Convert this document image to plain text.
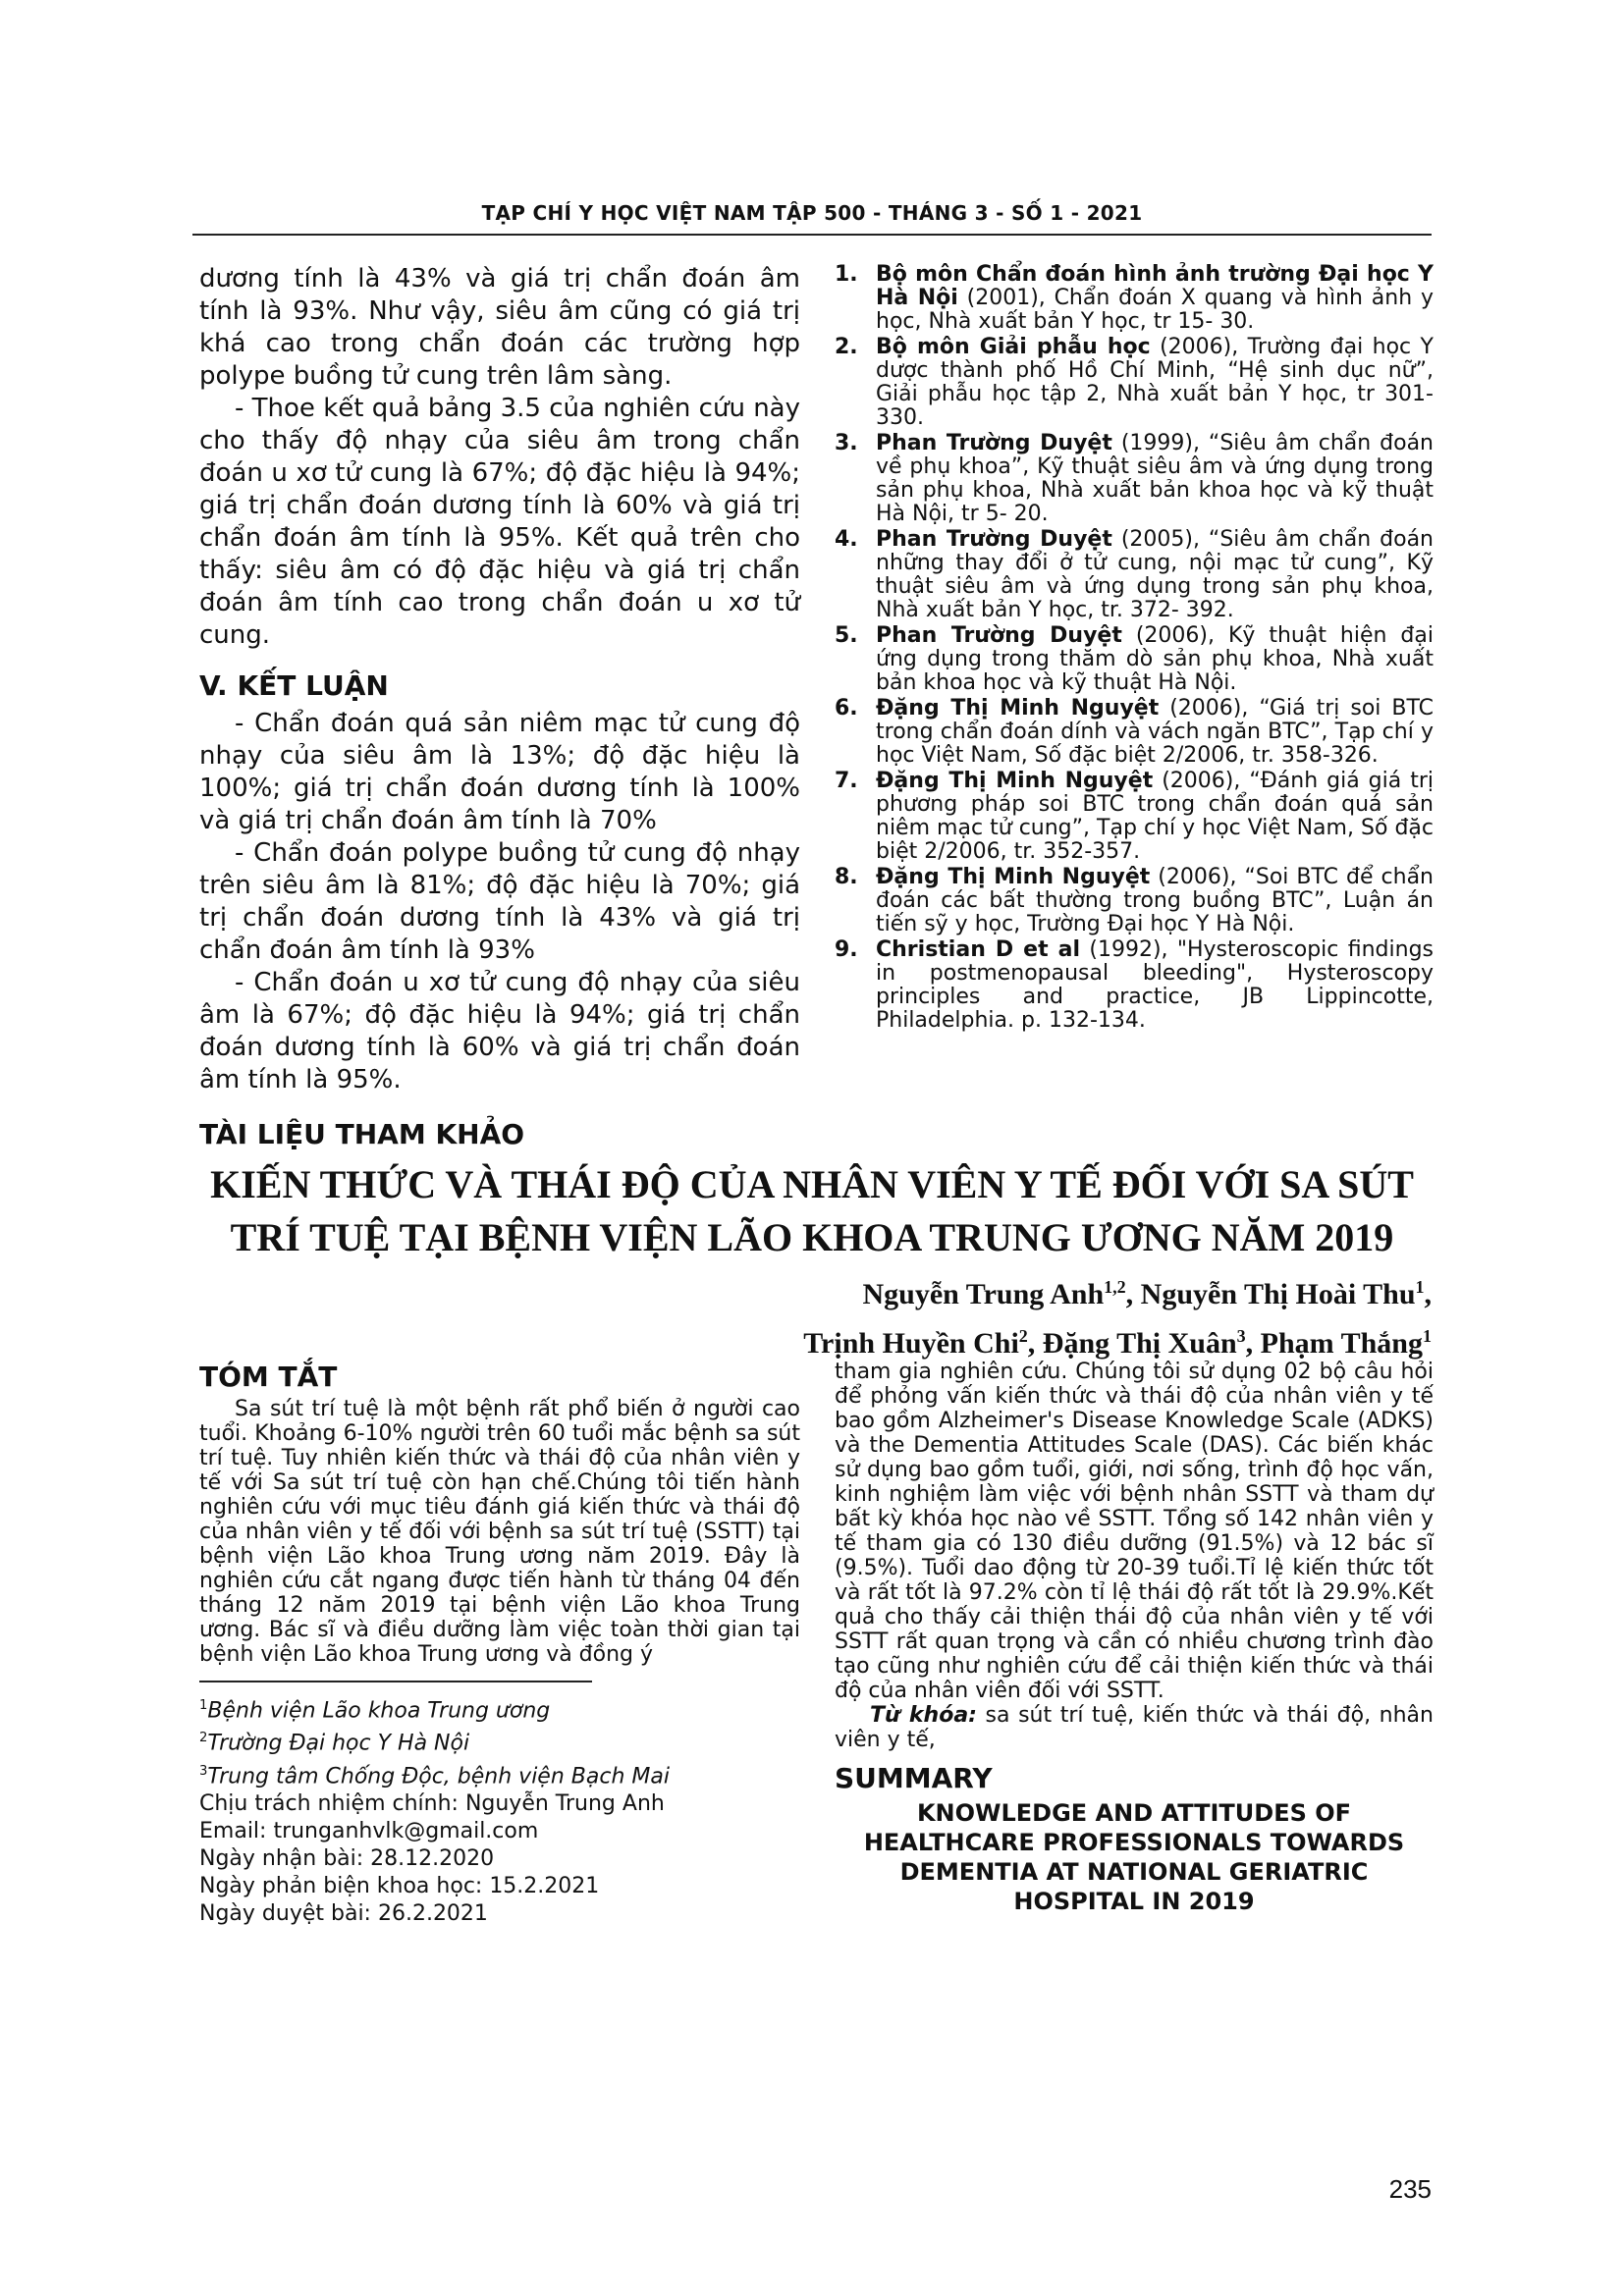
TẠP CHÍ Y HỌC VIỆT NAM TẬP 500 - THÁNG 3 - SỐ 1 - 2021

dương tính là 43% và giá trị chẩn đoán âm tính là 93%. Như vậy, siêu âm cũng có giá trị khá cao trong chẩn đoán các trường hợp polype buồng tử cung trên lâm sàng.

- Thoe kết quả bảng 3.5 của nghiên cứu này cho thấy độ nhạy của siêu âm trong chẩn đoán u xơ tử cung là 67%; độ đặc hiệu là 94%; giá trị chẩn đoán dương tính là 60% và giá trị chẩn đoán âm tính là 95%. Kết quả trên cho thấy: siêu âm có độ đặc hiệu và giá trị chẩn đoán âm tính cao trong chẩn đoán u xơ tử cung.

V. KẾT LUẬN

- Chẩn đoán quá sản niêm mạc tử cung độ nhạy của siêu âm là 13%; độ đặc hiệu là 100%; giá trị chẩn đoán dương tính là 100% và giá trị chẩn đoán âm tính là 70%

- Chẩn đoán polype buồng tử cung độ nhạy trên siêu âm là 81%; độ đặc hiệu là 70%; giá trị chẩn đoán dương tính là 43% và giá trị chẩn đoán âm tính là 93%

- Chẩn đoán u xơ tử cung độ nhạy của siêu âm là 67%; độ đặc hiệu là 94%; giá trị chẩn đoán dương tính là 60% và giá trị chẩn đoán âm tính là 95%.

TÀI LIỆU THAM KHẢO
1. Bộ môn Chẩn đoán hình ảnh trường Đại học Y Hà Nội (2001), Chẩn đoán X quang và hình ảnh y học, Nhà xuất bản Y học, tr 15- 30.
2. Bộ môn Giải phẫu học (2006), Trường đại học Y dược thành phố Hồ Chí Minh, “Hệ sinh dục nữ”, Giải phẫu học tập 2, Nhà xuất bản Y học, tr 301- 330.
3. Phan Trường Duyệt (1999), “Siêu âm chẩn đoán về phụ khoa”, Kỹ thuật siêu âm và ứng dụng trong sản phụ khoa, Nhà xuất bản khoa học và kỹ thuật Hà Nội, tr 5- 20.
4. Phan Trường Duyệt (2005), “Siêu âm chẩn đoán những thay đổi ở tử cung, nội mạc tử cung”, Kỹ thuật siêu âm và ứng dụng trong sản phụ khoa, Nhà xuất bản Y học, tr. 372- 392.
5. Phan Trường Duyệt (2006), Kỹ thuật hiện đại ứng dụng trong thăm dò sản phụ khoa, Nhà xuất bản khoa học và kỹ thuật Hà Nội.
6. Đặng Thị Minh Nguyệt (2006), “Giá trị soi BTC trong chẩn đoán dính và vách ngăn BTC”, Tạp chí y học Việt Nam, Số đặc biệt 2/2006, tr. 358-326.
7. Đặng Thị Minh Nguyệt (2006), “Đánh giá giá trị phương pháp soi BTC trong chẩn đoán quá sản niêm mạc tử cung”, Tạp chí y học Việt Nam, Số đặc biệt 2/2006, tr. 352-357.
8. Đặng Thị Minh Nguyệt (2006), “Soi BTC để chẩn đoán các bất thường trong buồng BTC”, Luận án tiến sỹ y học, Trường Đại học Y Hà Nội.
9. Christian D et al (1992), "Hysteroscopic findings in postmenopausal bleeding", Hysteroscopy principles and practice, JB Lippincotte, Philadelphia. p. 132-134.
KIẾN THỨC VÀ THÁI ĐỘ CỦA NHÂN VIÊN Y TẾ ĐỐI VỚI SA SÚT
TRÍ TUỆ TẠI BỆNH VIỆN LÃO KHOA TRUNG ƯƠNG NĂM 2019
Nguyễn Trung Anh$^{1,2}$, Nguyễn Thị Hoài Thu$^1$,
Trịnh Huyền Chi$^2$, Đặng Thị Xuân$^3$, Phạm Thắng$^1$
TÓM TẮT

Sa sút trí tuệ là một bệnh rất phổ biến ở người cao tuổi. Khoảng 6-10% người trên 60 tuổi mắc bệnh sa sút trí tuệ. Tuy nhiên kiến thức và thái độ của nhân viên y tế với Sa sút trí tuệ còn hạn chế.Chúng tôi tiến hành nghiên cứu với mục tiêu đánh giá kiến thức và thái độ của nhân viên y tế đối với bệnh sa sút trí tuệ (SSTT) tại bệnh viện Lão khoa Trung ương năm 2019. Đây là nghiên cứu cắt ngang được tiến hành từ tháng 04 đến tháng 12 năm 2019 tại bệnh viện Lão khoa Trung ương. Bác sĩ và điều dưỡng làm việc toàn thời gian tại bệnh viện Lão khoa Trung ương và đồng ý

$^1$Bệnh viện Lão khoa Trung ương
$^2$Trường Đại học Y Hà Nội
$^3$Trung tâm Chống Độc, bệnh viện Bạch Mai
Chịu trách nhiệm chính: Nguyễn Trung Anh
Email: trunganhvlk@gmail.com
Ngày nhận bài: 28.12.2020
Ngày phản biện khoa học: 15.2.2021
Ngày duyệt bài: 26.2.2021

tham gia nghiên cứu. Chúng tôi sử dụng 02 bộ câu hỏi để phỏng vấn kiến thức và thái độ của nhân viên y tế bao gồm Alzheimer's Disease Knowledge Scale (ADKS) và the Dementia Attitudes Scale (DAS). Các biến khác sử dụng bao gồm tuổi, giới, nơi sống, trình độ học vấn, kinh nghiệm làm việc với bệnh nhân SSTT và tham dự bất kỳ khóa học nào về SSTT. Tổng số 142 nhân viên y tế tham gia có 130 điều dưỡng (91.5%) và 12 bác sĩ (9.5%). Tuổi dao động từ 20-39 tuổi.Tỉ lệ kiến thức tốt và rất tốt là 97.2% còn tỉ lệ thái độ rất tốt là 29.9%.Kết quả cho thấy cải thiện thái độ của nhân viên y tế với SSTT rất quan trọng và cần có nhiều chương trình đào tạo cũng như nghiên cứu để cải thiện kiến thức và thái độ của nhân viên đối với SSTT.

Từ khóa: sa sút trí tuệ, kiến thức và thái độ, nhân viên y tế,

SUMMARY
KNOWLEDGE AND ATTITUDES OF HEALTHCARE PROFESSIONALS TOWARDS DEMENTIA AT NATIONAL GERIATRIC HOSPITAL IN 2019
235
